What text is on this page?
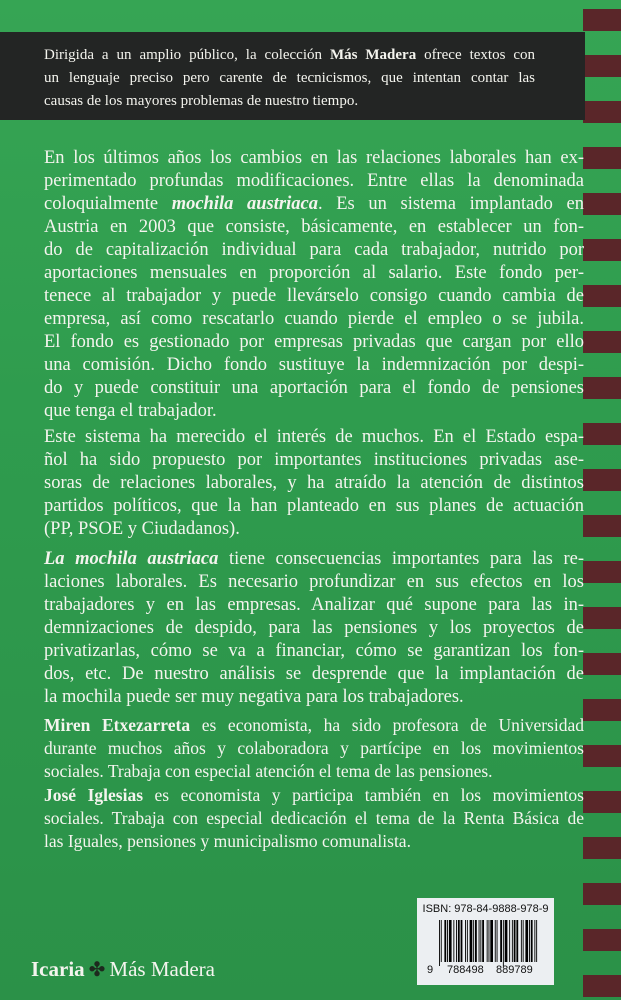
Dirigida a un amplio público, la colección Más Madera ofrece textos con
un lenguaje preciso pero carente de tecnicismos, que intentan contar las
causas de los mayores problemas de nuestro tiempo.
En los últimos años los cambios en las relaciones laborales han ex-
perimentado profundas modificaciones. Entre ellas la denominada
coloquialmente mochila austriaca. Es un sistema implantado en
Austria en 2003 que consiste, básicamente, en establecer un fon-
do de capitalización individual para cada trabajador, nutrido por
aportaciones mensuales en proporción al salario. Este fondo per-
tenece al trabajador y puede llevárselo consigo cuando cambia de
empresa, así como rescatarlo cuando pierde el empleo o se jubila.
El fondo es gestionado por empresas privadas que cargan por ello
una comisión. Dicho fondo sustituye la indemnización por despi-
do y puede constituir una aportación para el fondo de pensiones
que tenga el trabajador.
Este sistema ha merecido el interés de muchos. En el Estado espa-
ñol ha sido propuesto por importantes instituciones privadas ase-
soras de relaciones laborales, y ha atraído la atención de distintos
partidos políticos, que la han planteado en sus planes de actuación
(PP, PSOE y Ciudadanos).
La mochila austriaca tiene consecuencias importantes para las re-
laciones laborales. Es necesario profundizar en sus efectos en los
trabajadores y en las empresas. Analizar qué supone para las in-
demnizaciones de despido, para las pensiones y los proyectos de
privatizarlas, cómo se va a financiar, cómo se garantizan los fon-
dos, etc. De nuestro análisis se desprende que la implantación de
la mochila puede ser muy negativa para los trabajadores.
Miren Etxezarreta es economista, ha sido profesora de Universidad
durante muchos años y colaboradora y partícipe en los movimientos
sociales. Trabaja con especial atención el tema de las pensiones.
José Iglesias es economista y participa también en los movimientos
sociales. Trabaja con especial dedicación el tema de la Renta Básica de
las Iguales, pensiones y municipalismo comunalista.
ISBN: 978-84-9888-978-9
9 788498 889789
Icaria ✤ Más Madera
